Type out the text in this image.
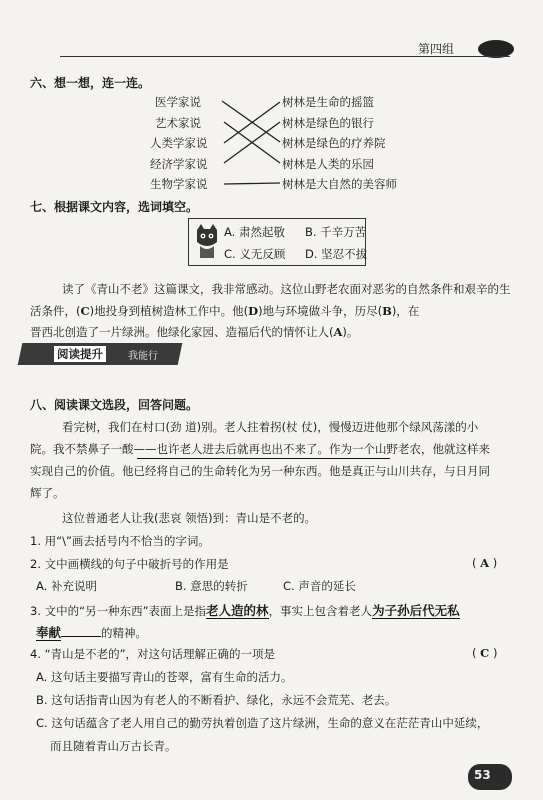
第四组
六、想一想，连一连。
医学家说
艺术家说
人类学家说
经济学家说
生物学家说
树林是生命的摇篮
树林是绿色的银行
树林是绿色的疗养院
树林是人类的乐园
树林是大自然的美容师
七、根据课文内容，选词填空。
A. 肃然起敬 B. 千辛万苦
C. 义无反顾 D. 坚忍不拔
读了《青山不老》这篇课文，我非常感动。这位山野老农面对恶劣的自然条件和艰辛的生
活条件，(C)地投身到植树造林工作中。他(D)地与环境做斗争，历尽(B)，在
晋西北创造了一片绿洲。他绿化家园、造福后代的情怀让人(A)。
阅读提升	我能行
八、阅读课文选段，回答问题。
看完树，我们在村口(劲 道)别。老人拄着拐(杖 仗)，慢慢迈进他那个绿风荡漾的小
院。我不禁鼻子一酸——也许老人进去后就再也出不来了。作为一个山野老农，他就这样来
实现自己的价值。他已经将自己的生命转化为另一种东西。他是真正与山川共存，与日月同
辉了。
这位普通老人让我(悲哀 领悟)到：青山是不老的。
1. 用“\”画去括号内不恰当的字词。
2. 文中画横线的句子中破折号的作用是	( A )
A. 补充说明	B. 意思的转折	C. 声音的延长
3. 文中的“另一种东西”表面上是指老人造的林，事实上包含着老人为子孙后代无私
奉献	的精神。
4. “青山是不老的”，对这句话理解正确的一项是	( C )
A. 这句话主要描写青山的苍翠，富有生命的活力。
B. 这句话指青山因为有老人的不断看护、绿化，永远不会荒芜、老去。
C. 这句话蕴含了老人用自己的勤劳执着创造了这片绿洲，生命的意义在茫茫青山中延续，
而且随着青山万古长青。
53
